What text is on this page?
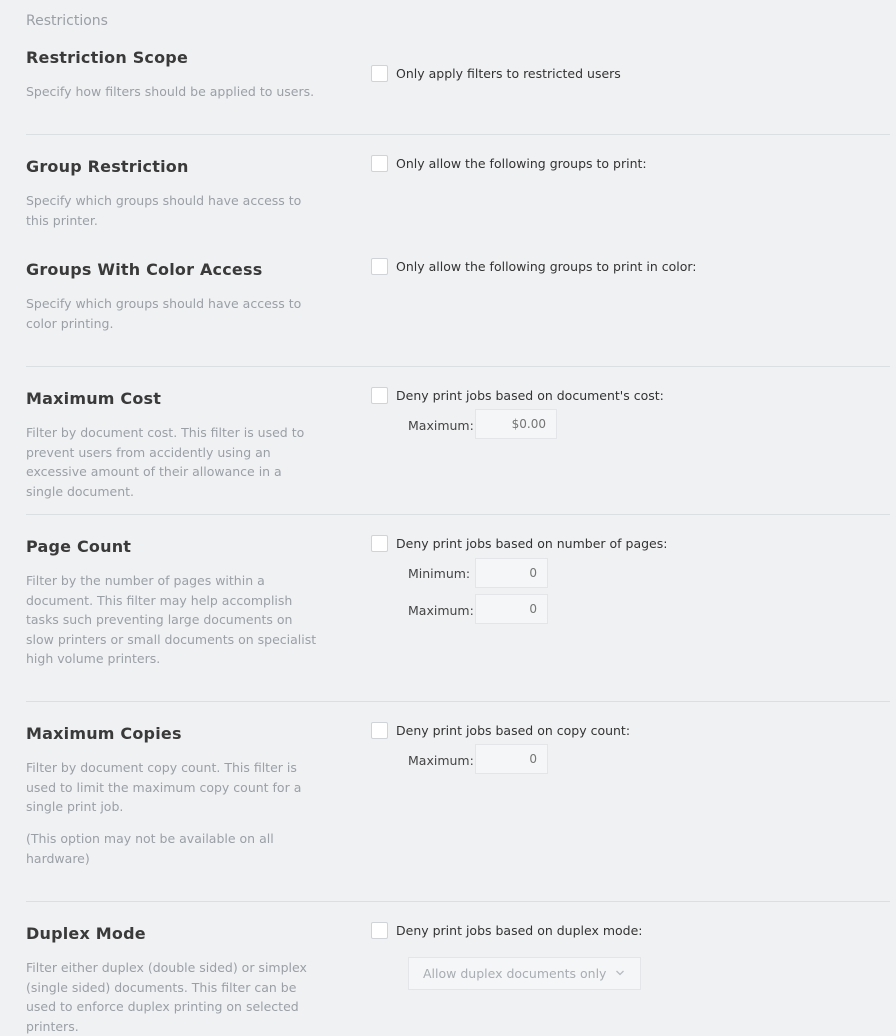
Restrictions
Restriction Scope
Specify how filters should be applied to users.
Only apply filters to restricted users
Group Restriction
Specify which groups should have access to this printer.
Only allow the following groups to print:
Groups With Color Access
Specify which groups should have access to color printing.
Only allow the following groups to print in color:
Maximum Cost
Filter by document cost. This filter is used to prevent users from accidently using an excessive amount of their allowance in a single document.
Deny print jobs based on document's cost:
Maximum:
$0.00
Page Count
Filter by the number of pages within a document. This filter may help accomplish tasks such preventing large documents on slow printers or small documents on specialist high volume printers.
Deny print jobs based on number of pages:
Minimum:
0
Maximum:
0
Maximum Copies
Filter by document copy count. This filter is used to limit the maximum copy count for a single print job.
(This option may not be available on all hardware)
Deny print jobs based on copy count:
Maximum:
0
Duplex Mode
Filter either duplex (double sided) or simplex (single sided) documents. This filter can be used to enforce duplex printing on selected printers.
Deny print jobs based on duplex mode:
Allow duplex documents only
